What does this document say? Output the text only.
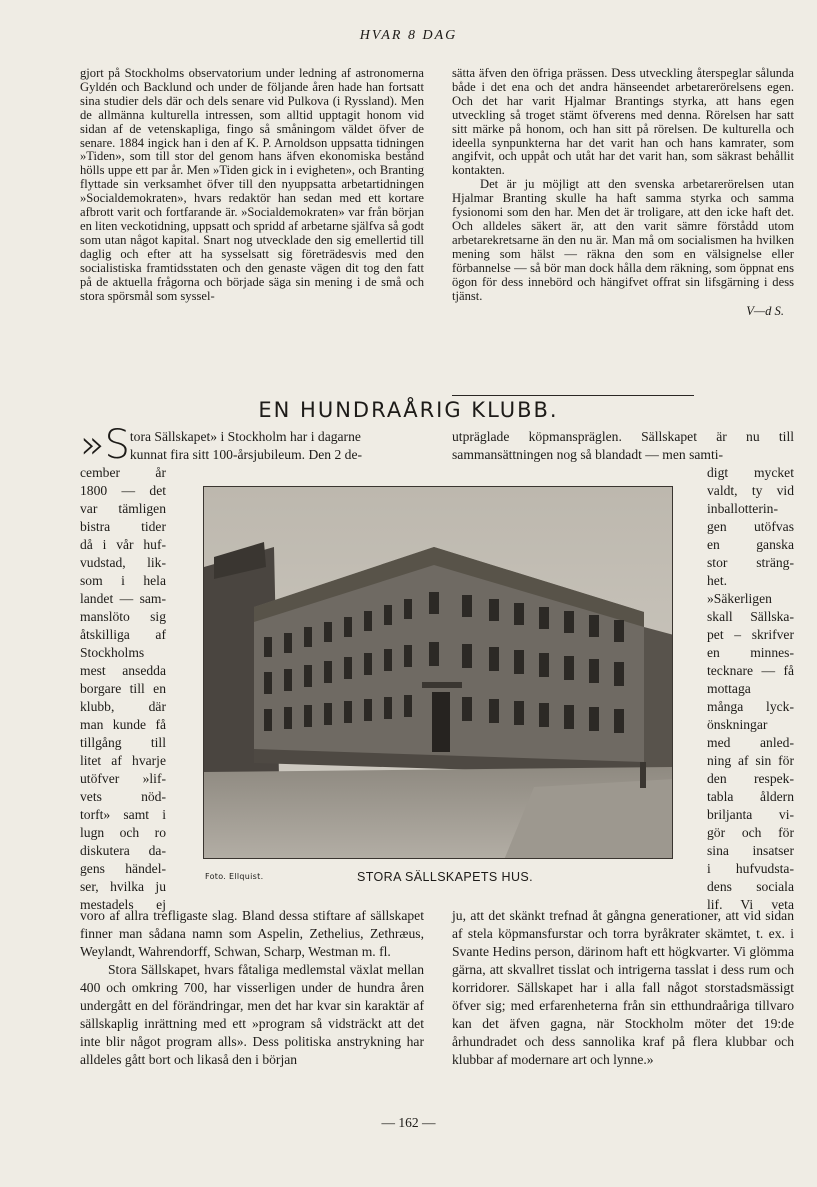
HVAR 8 DAG

gjort på Stockholms observatorium under ledning af astronomerna Gyldén och Backlund och under de följande åren hade han fortsatt sina studier dels där och dels senare vid Pulkova (i Ryssland). Men de allmänna kulturella intressen, som alltid upptagit honom vid sidan af de vetenskapliga, fingo så småningom väldet öfver de senare. 1884 ingick han i den af K. P. Arnoldson uppsatta tidningen »Tiden», som till stor del genom hans äfven ekonomiska bestånd hölls uppe ett par år. Men »Tiden gick in i evigheten», och Branting flyttade sin verksamhet öfver till den nyuppsatta arbetartidningen »Socialdemokraten», hvars redaktör han sedan med ett kortare afbrott varit och fortfarande är. »Socialdemokraten» var från början en liten veckotidning, uppsatt och spridd af arbetarne själfva så godt som utan något kapital. Snart nog utvecklade den sig emellertid till daglig och efter att ha sysselsatt sig företrädesvis med den socialistiska framtidsstaten och den genaste vägen dit tog den fatt på de aktuella frågorna och började säga sin mening i de små och stora spörsmål som syssel-

sätta äfven den öfriga prässen. Dess utveckling återspeglar sålunda både i det ena och det andra hänseendet arbetarerörelsens egen. Och det har varit Hjalmar Brantings styrka, att hans egen utveckling så troget stämt öfverens med denna. Rörelsen har satt sitt märke på honom, och han sitt på rörelsen. De kulturella och ideella synpunkterna har det varit han och hans kamrater, som angifvit, och uppåt och utåt har det varit han, som säkrast behållit kontakten.

Det är ju möjligt att den svenska arbetarerörelsen utan Hjalmar Branting skulle ha haft samma styrka och samma fysionomi som den har. Men det är troligare, att den icke haft det. Och alldeles säkert är, att den varit sämre förstådd utom arbetarekretsarne än den nu är. Man må om socialismen ha hvilken mening som hälst — räkna den som en välsignelse eller förbannelse — så bör man dock hålla dem räkning, som öppnat ens ögon för dess innebörd och hängifvet offrat sin lifsgärning i dess tjänst.

V—d S.
EN HUNDRAÅRIG KLUBB.
»S tora Sällskapet» i Stockholm har i dagarne
kunnat fira sitt 100-årsjubileum. Den 2 de-
utpräglade köpmanspräglen. Sällskapet är nu till sammansättningen nog så blandadt — men samti-
cember år
1800 — det
var tämligen
bistra tider
då i vår huf-
vudstad, lik-
som i hela
landet — sam-
manslöto sig
åtskilliga af
Stockholms
mest ansedda
borgare till en
klubb, där
man kunde få
tillgång till
litet af hvarje
utöfver »lif-
vets nöd-
torft» samt i
lugn och ro
diskutera da-
gens händel-
ser, hvilka ju
mestadels ej
digt mycket
valdt, ty vid
inballotterin-
gen utöfvas
en ganska
stor sträng-
het.
»Säkerligen
skall Sällska-
pet – skrifver
en minnes-
tecknare — få
mottaga
många lyck-
önskningar
med anled-
ning af sin för
den respek-
tabla åldern
briljanta vi-
gör och för
sina insatser
i hufvudsta-
dens sociala
lif. Vi veta
Foto. Ellquist.	STORA SÄLLSKAPETS HUS.

voro af allra trefligaste slag. Bland dessa stiftare af sällskapet finner man sådana namn som Aspelin, Zethelius, Zethræus, Weylandt, Wahrendorff, Schwan, Scharp, Westman m. fl.

Stora Sällskapet, hvars fåtaliga medlemstal växlat mellan 400 och omkring 700, har visserligen under de hundra åren undergått en del förändringar, men det har kvar sin karaktär af sällskaplig inrättning med ett »program så vidsträckt att det inte blir något program alls». Dess politiska anstrykning har alldeles gått bort och likaså den i början

ju, att det skänkt trefnad åt gångna generationer, att vid sidan af stela köpmansfurstar och torra byråkrater skämtet, t. ex. i Svante Hedins person, därinom haft ett högkvarter. Vi glömma gärna, att skvallret tisslat och intrigerna tasslat i dess rum och korridorer. Sällskapet har i alla fall något storstadsmässigt öfver sig; med erfarenheterna från sin etthundraåriga tillvaro kan det äfven gagna, när Stockholm möter det 19:de århundradet och dess sannolika kraf på flera klubbar och klubbar af modernare art och lynne.»

— 162 —
